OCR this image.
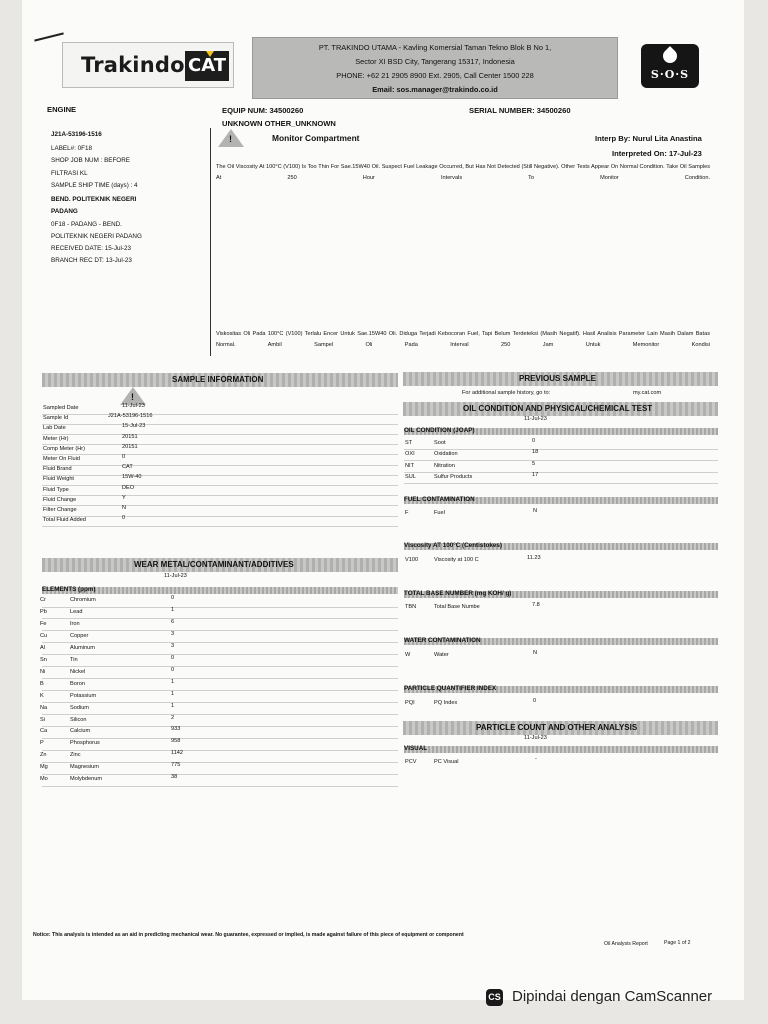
Trakindo CAT
PT. TRAKINDO UTAMA - Kavling Komersial Taman Tekno Blok B No 1,
Sector XI BSD City, Tangerang 15317, Indonesia
PHONE: +62 21 2905 8900 Ext. 2905, Call Center 1500 228
Email: sos.manager@trakindo.co.id
S·O·S
ENGINE	EQUIP NUM: 34500260	SERIAL NUMBER: 34500260
UNKNOWN OTHER_UNKNOWN
J21A-53196-1516
LABEL#: 0F18
SHOP JOB NUM : BEFORE
FILTRASI KL
SAMPLE SHIP TIME (days) : 4
BEND. POLITEKNIK NEGERI
PADANG
0F18 - PADANG - BEND.
POLITEKNIK NEGERI PADANG
RECEIVED DATE: 15-Jul-23
BRANCH REC DT: 13-Jul-23
!	Monitor Compartment	Interp By: Nurul Lita Anastina
Interpreted On: 17-Jul-23
The Oil Viscosity At 100°C (V100) Is Too Thin For Sae.15W40 Oil. Suspect Fuel Leakage Occurred, But Has Not Detected (Still Negative). Other Tests Appear On Normal Condition. Take Oil Samples At 250 Hour Intervals To Monitor Condition.
Viskositas Oli Pada 100°C (V100) Terlalu Encer Untuk Sae.15W40 Oli. Diduga Terjadi Kebocoran Fuel, Tapi Belum Terdeteksi (Masih Negatif). Hasil Analisis Parameter Lain Masih Dalam Batas Normal. Ambil Sampel Oli Pada Interval 250 Jam Untuk Memonitor Kondisi
SAMPLE INFORMATION
!
Sampled Date	11-Jul-23
Sample Id	J21A-53196-1516
Lab Date	15-Jul-23
Meter (Hr)	20151
Comp Meter (Hr)	20151
Meter On Fluid	0
Fluid Brand	CAT
Fluid Weight	15W-40
Fluid Type	DEO
Fluid Change	Y
Filter Change	N
Total Fluid Added	0
WEAR METAL/CONTAMINANT/ADDITIVES
11-Jul-23
ELEMENTS (ppm)
Cr	Chromium	0
Pb	Lead	1
Fe	Iron	6
Cu	Copper	3
Al	Aluminum	3
Sn	Tin	0
Ni	Nickel	0
B	Boron	1
K	Potassium	1
Na	Sodium	1
Si	Silicon	2
Ca	Calcium	933
P	Phosphorus	958
Zn	Zinc	1142
Mg	Magnesium	775
Mo	Molybdenum	38
PREVIOUS SAMPLE
For additional sample history, go to:	my.cat.com
OIL CONDITION AND PHYSICAL/CHEMICAL TEST
11-Jul-23
OIL CONDITION (JOAP)
ST	Soot	0
OXI	Oxidation	18
NIT	Nitration	5
SUL	Sulfur Products	17
FUEL CONTAMINATION
F	Fuel	N
Viscosity AT 100°C (Centistokes)
V100	Viscosity at 100 C	11.23
TOTAL BASE NUMBER (mg KOH/ g)
TBN	Total Base Numbe	7.8
WATER CONTAMINATION
W	Water	N
PARTICLE QUANTIFIER INDEX
PQI	PQ Index	0
PARTICLE COUNT AND OTHER ANALYSIS
11-Jul-23
VISUAL
PCV	PC Visual	-
Notice: This analysis is intended as an aid in predicting mechanical wear. No guarantee, expressed or implied, is made against failure of this piece of equipment or component
Oil Analysis Report	Page 1 of 2
CS Dipindai dengan CamScanner
